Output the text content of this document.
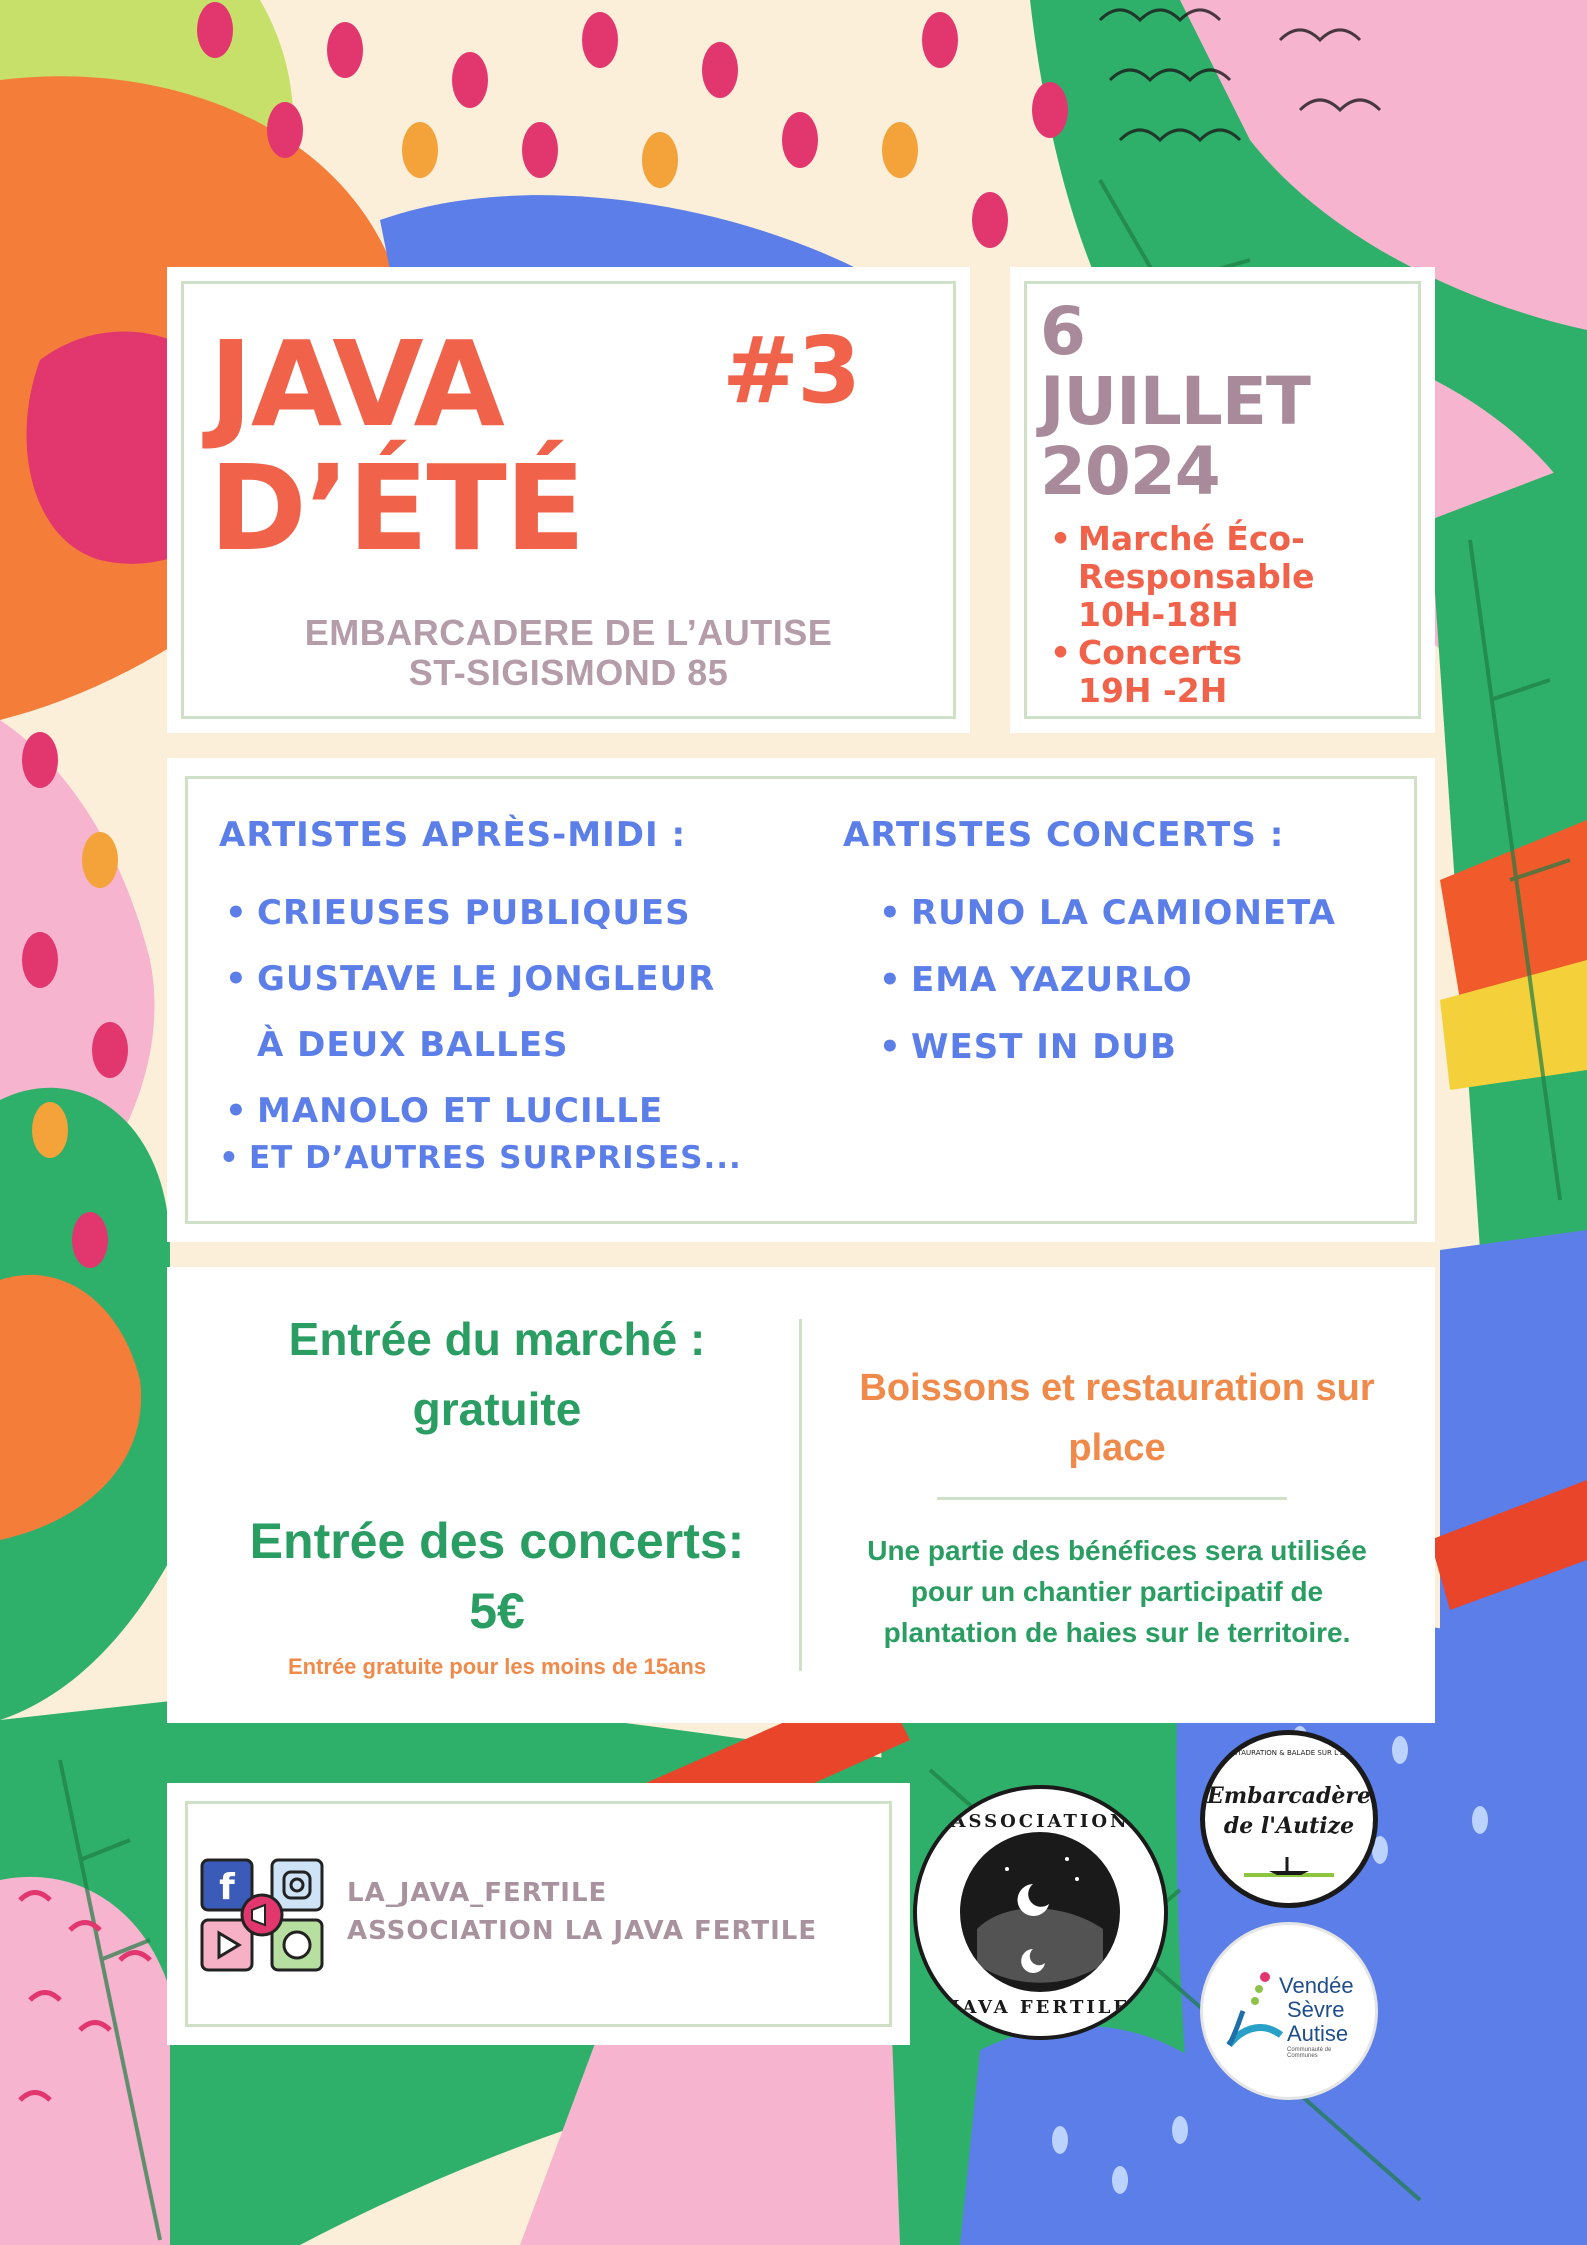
JAVA #3
D’ÉTÉ
EMBARCADERE DE L’AUTISE
ST-SIGISMOND 85
6
JUILLET
2024
• Marché Éco-
Responsable
10H-18H
• Concerts
19H -2H
ARTISTES APRÈS-MIDI :
• CRIEUSES PUBLIQUES
• GUSTAVE LE JONGLEUR
À DEUX BALLES
• MANOLO ET LUCILLE
• ET D’AUTRES SURPRISES...
ARTISTES CONCERTS :
• RUNO LA CAMIONETA
• EMA YAZURLO
• WEST IN DUB
Entrée du marché :
gratuite
Entrée des concerts:
5€
Entrée gratuite pour les moins de 15ans
Boissons et restauration sur
place
Une partie des bénéfices sera utilisée
pour un chantier participatif de
plantation de haies sur le territoire.
f	LA_JAVA_FERTILE
ASSOCIATION LA JAVA FERTILE
ASSOCIATION
JAVA FERTILE
RESTAURATION & BALADE SUR L'EAU
Embarcadère
de l'Autize
Vendée
Sèvre
Autise
Communauté de Communes
